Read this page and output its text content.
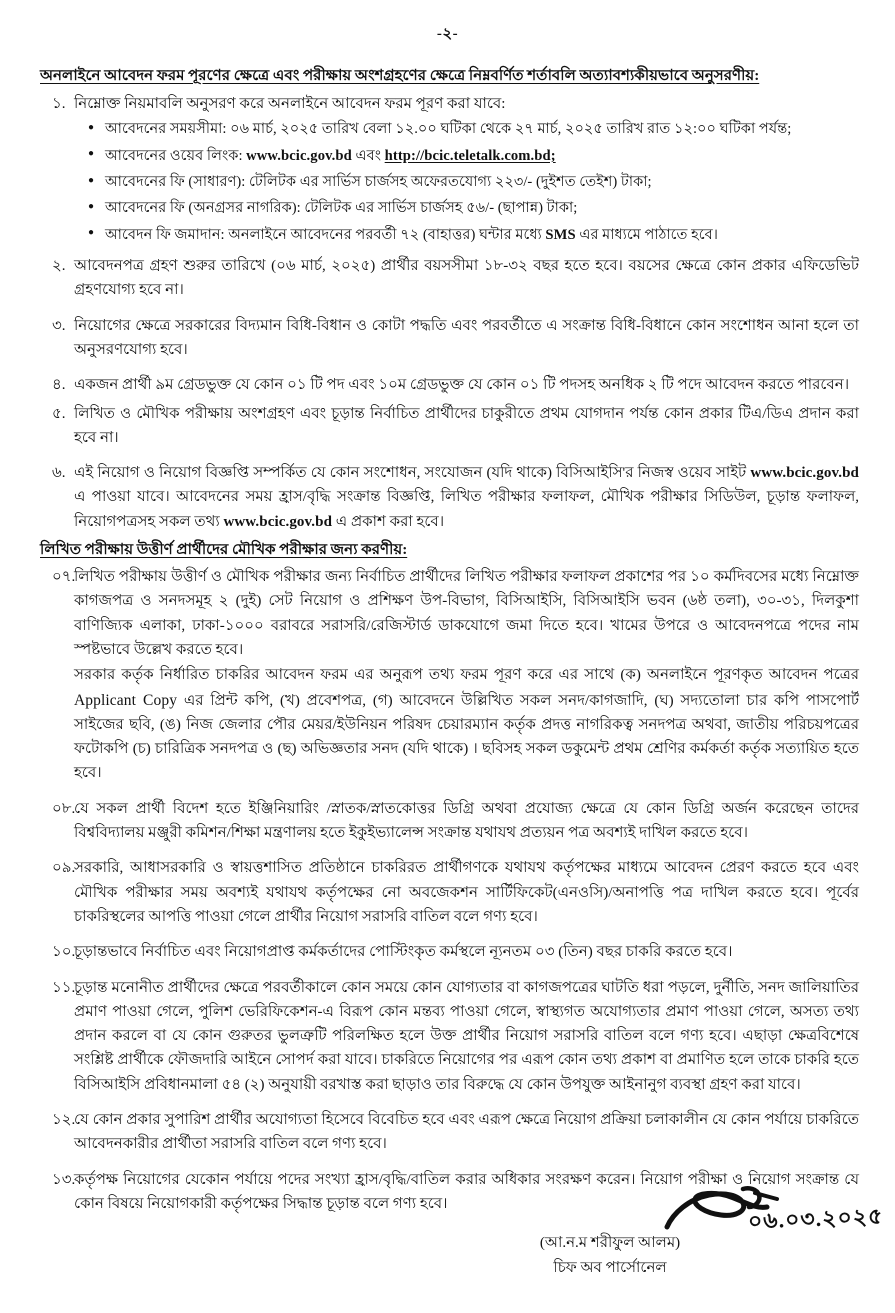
-২-
অনলাইনে আবেদন ফরম পূরণের ক্ষেত্রে এবং পরীক্ষায় অংশগ্রহণের ক্ষেত্রে নিম্নবর্ণিত শর্তাবলি অত্যাবশ্যকীয়ভাবে অনুসরণীয়:
১. নিম্নোক্ত নিয়মাবলি অনুসরণ করে অনলাইনে আবেদন ফরম পূরণ করা যাবে:

● আবেদনের সময়সীমা: ০৬ মার্চ, ২০২৫ তারিখ বেলা ১২.০০ ঘটিকা থেকে ২৭ মার্চ, ২০২৫ তারিখ রাত ১২:০০ ঘটিকা পর্যন্ত;
● আবেদনের ওয়েব লিংক: www.bcic.gov.bd এবং http://bcic.teletalk.com.bd;
● আবেদনের ফি (সাধারণ): টেলিটক এর সার্ভিস চার্জসহ অফেরতযোগ্য ২২৩/- (দুইশত তেইশ) টাকা;
● আবেদনের ফি (অনগ্রসর নাগরিক): টেলিটক এর সার্ভিস চার্জসহ ৫৬/- (ছাপান্ন) টাকা;
● আবেদন ফি জমাদান: অনলাইনে আবেদনের পরবর্তী ৭২ (বাহাত্তর) ঘন্টার মধ্যে SMS এর মাধ্যমে পাঠাতে হবে।
২. আবেদনপত্র গ্রহণ শুরুর তারিখে (০৬ মার্চ, ২০২৫) প্রার্থীর বয়সসীমা ১৮-৩২ বছর হতে হবে। বয়সের ক্ষেত্রে কোন প্রকার এফিডেভিট গ্রহণযোগ্য হবে না।

৩. নিয়োগের ক্ষেত্রে সরকারের বিদ্যমান বিধি-বিধান ও কোটা পদ্ধতি এবং পরবর্তীতে এ সংক্রান্ত বিধি-বিধানে কোন সংশোধন আনা হলে তা অনুসরণযোগ্য হবে।

৪. একজন প্রার্থী ৯ম গ্রেডভুক্ত যে কোন ০১ টি পদ এবং ১০ম গ্রেডভুক্ত যে কোন ০১ টি পদসহ অনধিক ২ টি পদে আবেদন করতে পারবেন।

৫. লিখিত ও মৌখিক পরীক্ষায় অংশগ্রহণ এবং চূড়ান্ত নির্বাচিত প্রার্থীদের চাকুরীতে প্রথম যোগদান পর্যন্ত কোন প্রকার টিএ/ডিএ প্রদান করা হবে না।

৬. এই নিয়োগ ও নিয়োগ বিজ্ঞপ্তি সম্পর্কিত যে কোন সংশোধন, সংযোজন (যদি থাকে) বিসিআইসি'র নিজস্ব ওয়েব সাইট www.bcic.gov.bd এ পাওয়া যাবে। আবেদনের সময় হ্রাস/বৃদ্ধি সংক্রান্ত বিজ্ঞপ্তি, লিখিত পরীক্ষার ফলাফল, মৌখিক পরীক্ষার সিডিউল, চূড়ান্ত ফলাফল, নিয়োগপত্রসহ সকল তথ্য www.bcic.gov.bd এ প্রকাশ করা হবে।

লিখিত পরীক্ষায় উত্তীর্ণ প্রার্থীদের মৌখিক পরীক্ষার জন্য করণীয়:
০৭.

লিখিত পরীক্ষায় উত্তীর্ণ ও মৌখিক পরীক্ষার জন্য নির্বাচিত প্রার্থীদের লিখিত পরীক্ষার ফলাফল প্রকাশের পর ১০ কর্মদিবসের মধ্যে নিম্নোক্ত কাগজপত্র ও সনদসমূহ ২ (দুই) সেট নিয়োগ ও প্রশিক্ষণ উপ-বিভাগ, বিসিআইসি, বিসিআইসি ভবন (৬ষ্ঠ তলা), ৩০-৩১, দিলকুশা বাণিজ্যিক এলাকা, ঢাকা-১০০০ বরাবরে সরাসরি/রেজিস্টার্ড ডাকযোগে জমা দিতে হবে। খামের উপরে ও আবেদনপত্রে পদের নাম স্পষ্টভাবে উল্লেখ করতে হবে।

সরকার কর্তৃক নির্ধারিত চাকরির আবেদন ফরম এর অনুরূপ তথ্য ফরম পূরণ করে এর সাথে (ক) অনলাইনে পূরণকৃত আবেদন পত্রের Applicant Copy এর প্রিন্ট কপি, (খ) প্রবেশপত্র, (গ) আবেদনে উল্লিখিত সকল সনদ/কাগজাদি, (ঘ) সদ্যতোলা চার কপি পাসপোর্ট সাইজের ছবি, (ঙ) নিজ জেলার পৌর মেয়র/ইউনিয়ন পরিষদ চেয়ারম্যান কর্তৃক প্রদত্ত নাগরিকত্ব সনদপত্র অথবা, জাতীয় পরিচয়পত্রের ফটোকপি (চ) চারিত্রিক সনদপত্র ও (ছ) অভিজ্ঞতার সনদ (যদি থাকে) । ছবিসহ সকল ডকুমেন্ট প্রথম শ্রেণির কর্মকর্তা কর্তৃক সত্যায়িত হতে হবে।

০৮.

যে সকল প্রার্থী বিদেশ হতে ইঞ্জিনিয়ারিং /স্নাতক/স্নাতকোত্তর ডিগ্রি অথবা প্রযোজ্য ক্ষেত্রে যে কোন ডিগ্রি অর্জন করেছেন তাদের বিশ্ববিদ্যালয় মঞ্জুরী কমিশন/শিক্ষা মন্ত্রণালয় হতে ইকুইভ্যালেন্স সংক্রান্ত যথাযথ প্রত্যয়ন পত্র অবশ্যই দাখিল করতে হবে।

০৯.

সরকারি, আধাসরকারি ও স্বায়ত্তশাসিত প্রতিষ্ঠানে চাকরিরত প্রার্থীগণকে যথাযথ কর্তৃপক্ষের মাধ্যমে আবেদন প্রেরণ করতে হবে এবং মৌখিক পরীক্ষার সময় অবশ্যই যথাযথ কর্তৃপক্ষের নো অবজেকশন সার্টিফিকেট(এনওসি)/অনাপত্তি পত্র দাখিল করতে হবে। পূর্বের চাকরিস্থলের আপত্তি পাওয়া গেলে প্রার্থীর নিয়োগ সরাসরি বাতিল বলে গণ্য হবে।

১০.

চূড়ান্তভাবে নির্বাচিত এবং নিয়োগপ্রাপ্ত কর্মকর্তাদের পোস্টিংকৃত কর্মস্থলে ন্যূনতম ০৩ (তিন) বছর চাকরি করতে হবে।

১১.

চূড়ান্ত মনোনীত প্রার্থীদের ক্ষেত্রে পরবর্তীকালে কোন সময়ে কোন যোগ্যতার বা কাগজপত্রের ঘাটতি ধরা পড়লে, দুর্নীতি, সনদ জালিয়াতির প্রমাণ পাওয়া গেলে, পুলিশ ভেরিফিকেশন-এ বিরূপ কোন মন্তব্য পাওয়া গেলে, স্বাস্থ্যগত অযোগ্যতার প্রমাণ পাওয়া গেলে, অসত্য তথ্য প্রদান করলে বা যে কোন গুরুতর ভুলত্রুটি পরিলক্ষিত হলে উক্ত প্রার্থীর নিয়োগ সরাসরি বাতিল বলে গণ্য হবে। এছাড়া ক্ষেত্রবিশেষে সংশ্লিষ্ট প্রার্থীকে ফৌজদারি আইনে সোপর্দ করা যাবে। চাকরিতে নিয়োগের পর এরূপ কোন তথ্য প্রকাশ বা প্রমাণিত হলে তাকে চাকরি হতে বিসিআইসি প্রবিধানমালা ৫৪ (২) অনুযায়ী বরখাস্ত করা ছাড়াও তার বিরুদ্ধে যে কোন উপযুক্ত আইনানুগ ব্যবস্থা গ্রহণ করা যাবে।

১২.

যে কোন প্রকার সুপারিশ প্রার্থীর অযোগ্যতা হিসেবে বিবেচিত হবে এবং এরূপ ক্ষেত্রে নিয়োগ প্রক্রিয়া চলাকালীন যে কোন পর্যায়ে চাকরিতে আবেদনকারীর প্রার্থীতা সরাসরি বাতিল বলে গণ্য হবে।

১৩.

কর্তৃপক্ষ নিয়োগের যেকোন পর্যায়ে পদের সংখ্যা হ্রাস/বৃদ্ধি/বাতিল করার অধিকার সংরক্ষণ করেন। নিয়োগ পরীক্ষা ও নিয়োগ সংক্রান্ত যে কোন বিষয়ে নিয়োগকারী কর্তৃপক্ষের সিদ্ধান্ত চূড়ান্ত বলে গণ্য হবে।	০৬.০৩.২০২৫
(আ.ন.ম শরীফুল আলম)
চিফ অব পার্সোনেল
